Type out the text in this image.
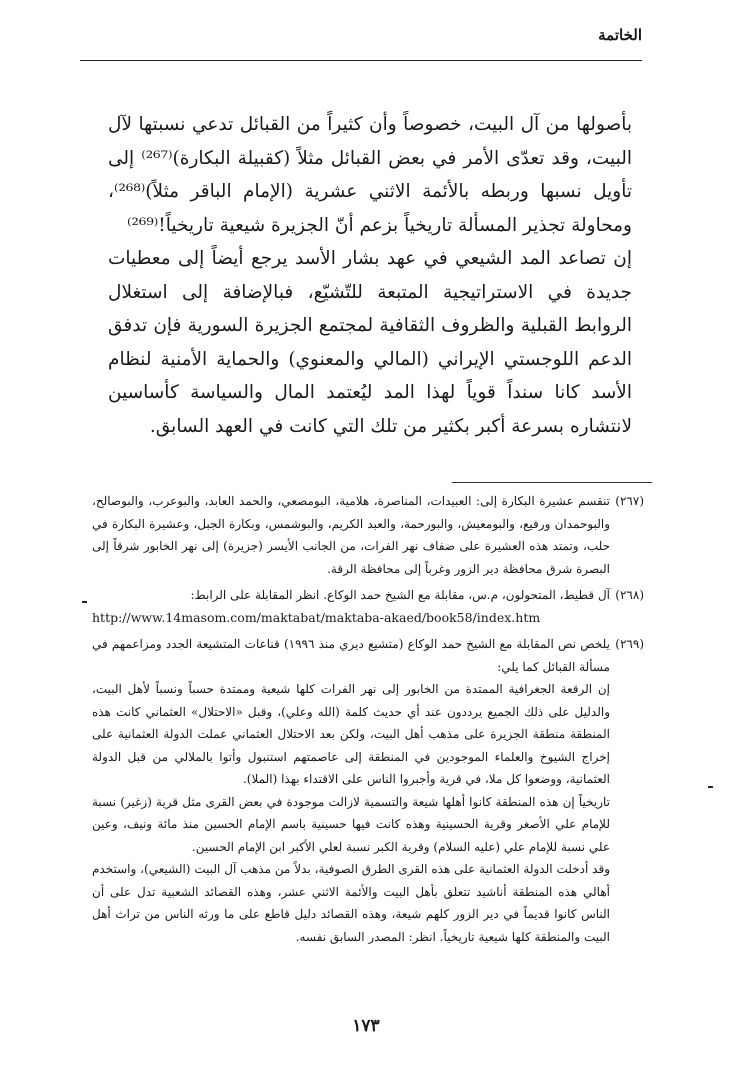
الخاتمة

بأصولها من آل البيت، خصوصاً وأن كثيراً من القبائل تدعي نسبتها لآل البيت، وقد تعدّى الأمر في بعض القبائل مثلاً (كقبيلة البكارة)⁽²⁶⁷⁾ إلى تأويل نسبها وربطه بالأئمة الاثني عشرية (الإمام الباقر مثلاً)⁽²⁶⁸⁾، ومحاولة تجذير المسألة تاريخياً بزعم أنّ الجزيرة شيعية تاريخياً!⁽²⁶⁹⁾

إن تصاعد المد الشيعي في عهد بشار الأسد يرجع أيضاً إلى معطيات جديدة في الاستراتيجية المتبعة للتّشيّع، فبالإضافة إلى استغلال الروابط القبلية والظروف الثقافية لمجتمع الجزيرة السورية فإن تدفق الدعم اللوجستي الإيراني (المالي والمعنوي) والحماية الأمنية لنظام الأسد كانا سنداً قوياً لهذا المد ليُعتمد المال والسياسة كأساسين لانتشاره بسرعة أكبر بكثير من تلك التي كانت في العهد السابق.

(٢٦٧)

تنقسم عشيرة البكارة إلى: العبيدات، المناصرة، هلامية، البومصعي، والحمد العابد، والبوعرب، والبوصالح، والبوحمدان ورفيع، والبومعيش، والبورحمة، والعبد الكريم، والبوشمس، وبكارة الجبل، وعشيرة البكارة في حلب، وتمتد هذه العشيرة على ضفاف نهر الفرات، من الجانب الأيسر (جزيرة) إلى نهر الخابور شرقاً إلى البصرة شرق محافظة دير الزور وغرباً إلى محافظة الرقة.

(٢٦٨)

آل قطيط، المتحولون، م.س، مقابلة مع الشيخ حمد الوكاع. انظر المقابلة على الرابط:

http://www.14masom.com/maktabat/maktaba-akaed/book58/index.htm
(٢٦٩)

يلخص نص المقابلة مع الشيخ حمد الوكاع (متشيع ديري منذ ١٩٩٦) قناعات المتشيعة الجدد ومزاعمهم في مسألة القبائل كما يلي:

إن الرقعة الجغرافية الممتدة من الخابور إلى نهر الفرات كلها شيعية وممتدة حسباً ونسباً لأهل البيت، والدليل على ذلك الجميع يرددون عند أي حديث كلمة (الله وعلي)، وقبل «الاحتلال» العثماني كانت هذه المنطقة منطقة الجزيرة على مذهب أهل البيت، ولكن بعد الاحتلال العثماني عملت الدولة العثمانية على إخراج الشيوخ والعلماء الموجودين في المنطقة إلى عاصمتهم استنبول وأتوا بالملالي من قبل الدولة العثمانية، ووضعوا كل ملا، في قرية وأجبروا الناس على الاقتداء بهذا (الملا).

تاريخياً إن هذه المنطقة كانوا أهلها شيعة والتسمية لازالت موجودة في بعض القرى مثل قرية (زغير) نسبة للإمام علي الأصغر وقرية الحسينية وهذه كانت فيها حسينية باسم الإمام الحسين منذ مائة ونيف، وعين علي نسبة للإمام علي (عليه السلام) وقرية الكبر نسبة لعلي الأكبر ابن الإمام الحسين.

وقد أدخلت الدولة العثمانية على هذه القرى الطرق الصوفية، بدلاً من مذهب آل البيت (الشيعي)، واستخدم أهالي هذه المنطقة أناشيد تتعلق بأهل البيت والأئمة الاثني عشر، وهذه القصائد الشعبية تدل على أن الناس كانوا قديماً في دير الزور كلهم شيعة، وهذه القصائد دليل قاطع على ما ورثه الناس من تراث أهل البيت والمنطقة كلها شيعية تاريخياً. انظر: المصدر السابق نفسه.

١٧٣
